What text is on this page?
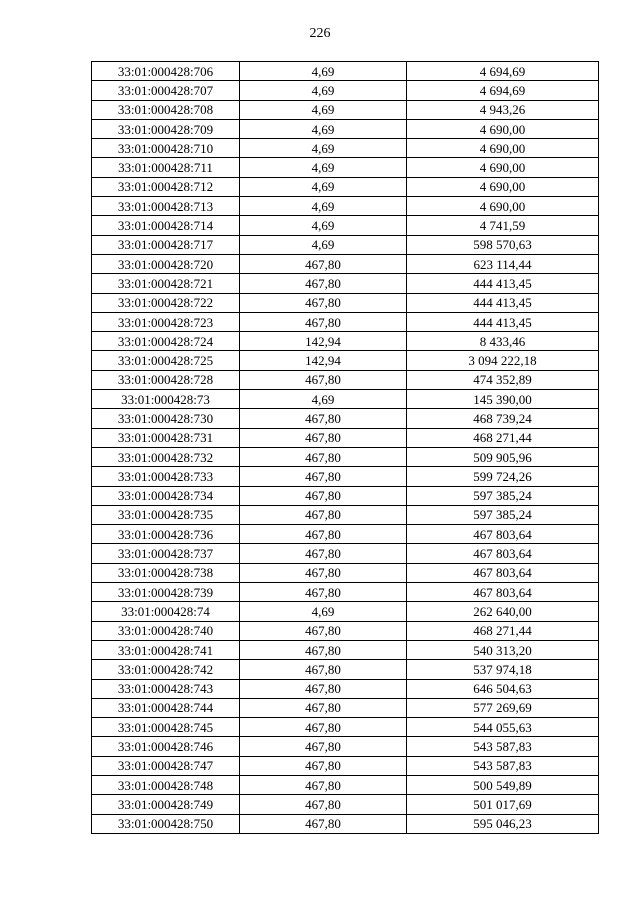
226
33:01:000428:706	4,69	4 694,69
33:01:000428:707	4,69	4 694,69
33:01:000428:708	4,69	4 943,26
33:01:000428:709	4,69	4 690,00
33:01:000428:710	4,69	4 690,00
33:01:000428:711	4,69	4 690,00
33:01:000428:712	4,69	4 690,00
33:01:000428:713	4,69	4 690,00
33:01:000428:714	4,69	4 741,59
33:01:000428:717	4,69	598 570,63
33:01:000428:720	467,80	623 114,44
33:01:000428:721	467,80	444 413,45
33:01:000428:722	467,80	444 413,45
33:01:000428:723	467,80	444 413,45
33:01:000428:724	142,94	8 433,46
33:01:000428:725	142,94	3 094 222,18
33:01:000428:728	467,80	474 352,89
33:01:000428:73	4,69	145 390,00
33:01:000428:730	467,80	468 739,24
33:01:000428:731	467,80	468 271,44
33:01:000428:732	467,80	509 905,96
33:01:000428:733	467,80	599 724,26
33:01:000428:734	467,80	597 385,24
33:01:000428:735	467,80	597 385,24
33:01:000428:736	467,80	467 803,64
33:01:000428:737	467,80	467 803,64
33:01:000428:738	467,80	467 803,64
33:01:000428:739	467,80	467 803,64
33:01:000428:74	4,69	262 640,00
33:01:000428:740	467,80	468 271,44
33:01:000428:741	467,80	540 313,20
33:01:000428:742	467,80	537 974,18
33:01:000428:743	467,80	646 504,63
33:01:000428:744	467,80	577 269,69
33:01:000428:745	467,80	544 055,63
33:01:000428:746	467,80	543 587,83
33:01:000428:747	467,80	543 587,83
33:01:000428:748	467,80	500 549,89
33:01:000428:749	467,80	501 017,69
33:01:000428:750	467,80	595 046,23
